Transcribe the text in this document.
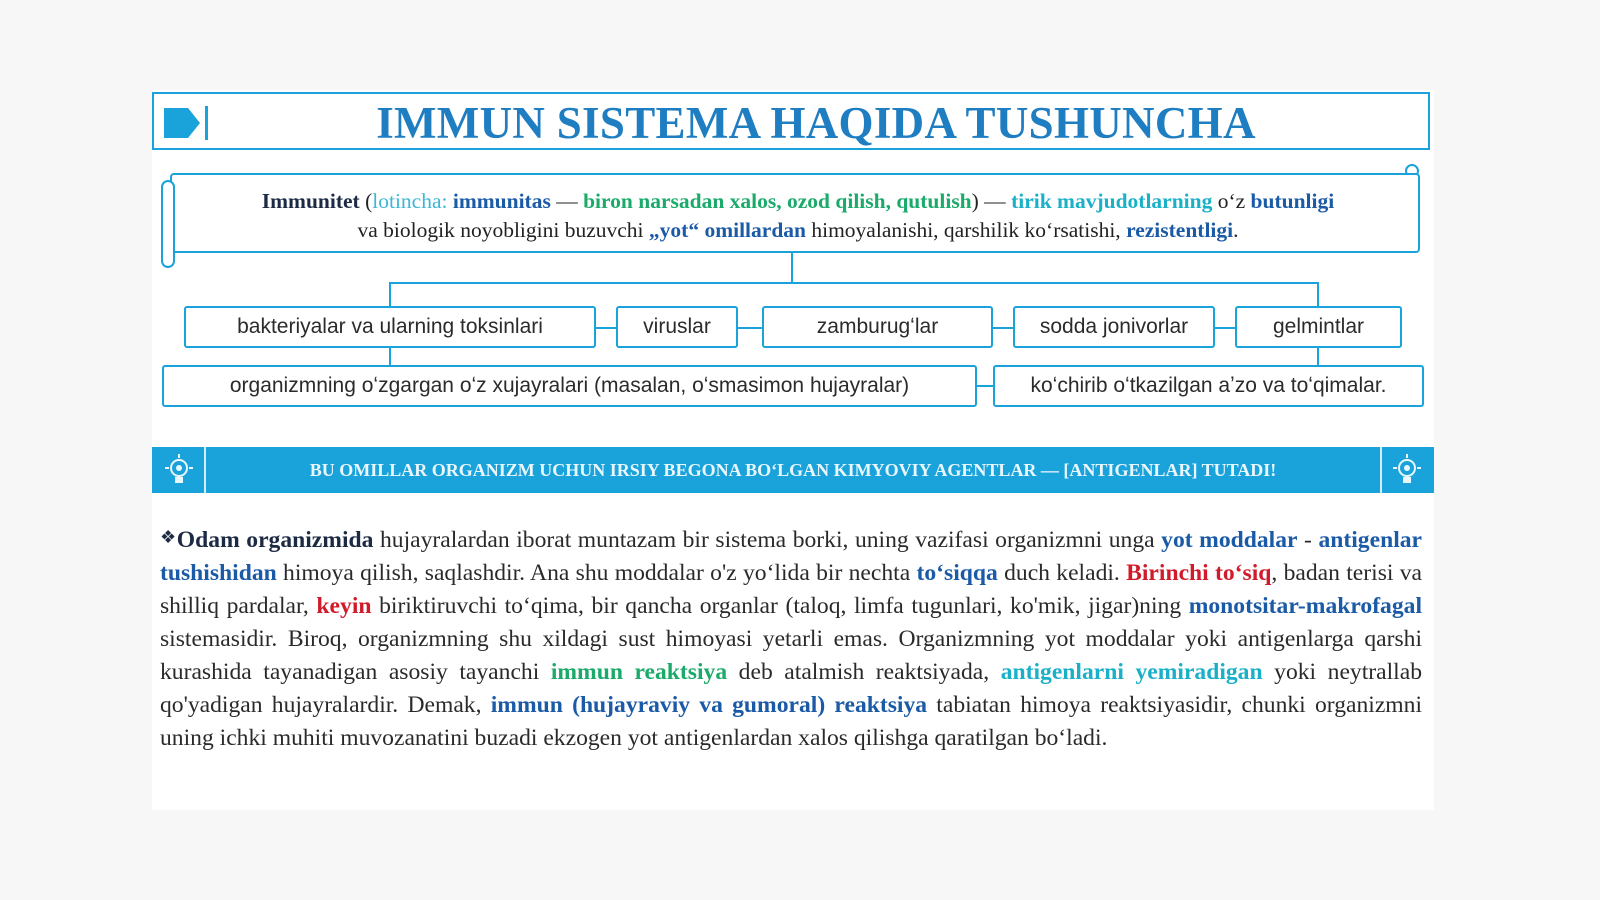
IMMUN SISTEMA HAQIDA TUSHUNCHA
Immunitet (lotincha: immunitas — biron narsadan xalos, ozod qilish, qutulish) — tirik mavjudotlarning oʻz butunligi
va biologik noyobligini buzuvchi „yot“ omillardan himoyalanishi, qarshilik koʻrsatishi, rezistentligi.
bakteriyalar va ularning toksinlari	viruslar	zamburugʻlar	sodda jonivorlar	gelmintlar
organizmning oʻzgargan oʻz xujayralari (masalan, oʻsmasimon hujayralar)	koʻchirib oʻtkazilgan aʼzo va toʻqimalar.
BU OMILLAR ORGANIZM UCHUN IRSIY BEGONA BOʻLGAN KIMYOVIY AGENTLAR — [ANTIGENLAR] TUTADI!
❖Odam organizmida hujayralardan iborat muntazam bir sistema borki, uning vazifasi organizmni unga yot moddalar - antigenlar tushishidan himoya qilish, saqlashdir. Ana shu moddalar o'z yoʻlida bir nechta toʻsiqqa duch keladi. Birinchi toʻsiq, badan terisi va shilliq pardalar, keyin biriktiruvchi toʻqima, bir qancha organlar (taloq, limfa tugunlari, ko'mik, jigar)ning monotsitar-makrofagal sistemasidir. Biroq, organizmning shu xildagi sust himoyasi yetarli emas. Organizmning yot moddalar yoki antigenlarga qarshi kurashida tayanadigan asosiy tayanchi immun reaktsiya deb atalmish reaktsiyada, antigenlarni yemiradigan yoki neytrallab qo'yadigan hujayralardir. Demak, immun (hujayraviy va gumoral) reaktsiya tabiatan himoya reaktsiyasidir, chunki organizmni uning ichki muhiti muvozanatini buzadi ekzogen yot antigenlardan xalos qilishga qaratilgan boʻladi.
